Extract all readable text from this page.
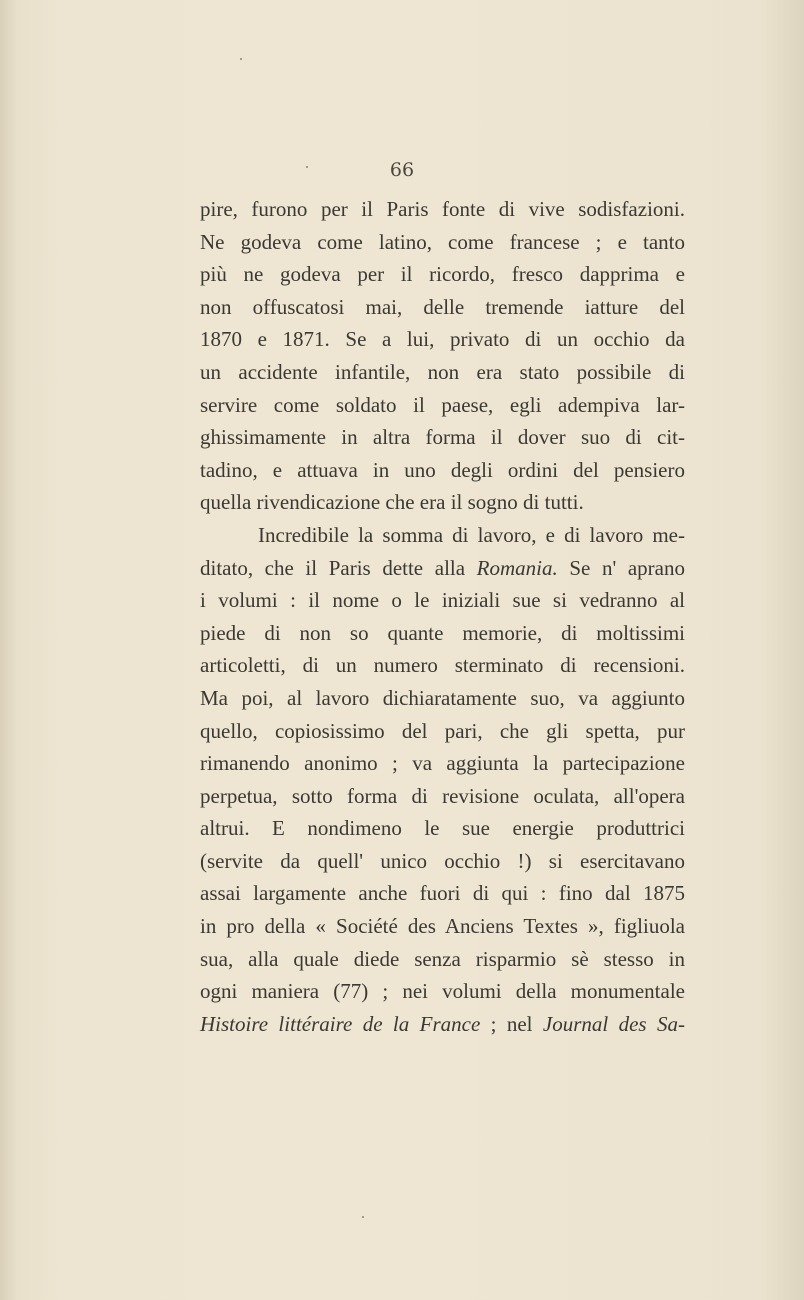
66
pire, furono per il Paris fonte di vive sodisfazioni.
Ne godeva come latino, come francese ; e tanto
più ne godeva per il ricordo, fresco dapprima e
non offuscatosi mai, delle tremende iatture del
1870 e 1871. Se a lui, privato di un occhio da
un accidente infantile, non era stato possibile di
servire come soldato il paese, egli adempiva lar-
ghissimamente in altra forma il dover suo di cit-
tadino, e attuava in uno degli ordini del pensiero
quella rivendicazione che era il sogno di tutti.
Incredibile la somma di lavoro, e di lavoro me-
ditato, che il Paris dette alla Romania. Se n' aprano
i volumi : il nome o le iniziali sue si vedranno al
piede di non so quante memorie, di moltissimi
articoletti, di un numero sterminato di recensioni.
Ma poi, al lavoro dichiaratamente suo, va aggiunto
quello, copiosissimo del pari, che gli spetta, pur
rimanendo anonimo ; va aggiunta la partecipazione
perpetua, sotto forma di revisione oculata, all'opera
altrui. E nondimeno le sue energie produttrici
(servite da quell' unico occhio !) si esercitavano
assai largamente anche fuori di qui : fino dal 1875
in pro della « Société des Anciens Textes », figliuola
sua, alla quale diede senza risparmio sè stesso in
ogni maniera (77) ; nei volumi della monumentale
Histoire littéraire de la France ; nel Journal des Sa-
